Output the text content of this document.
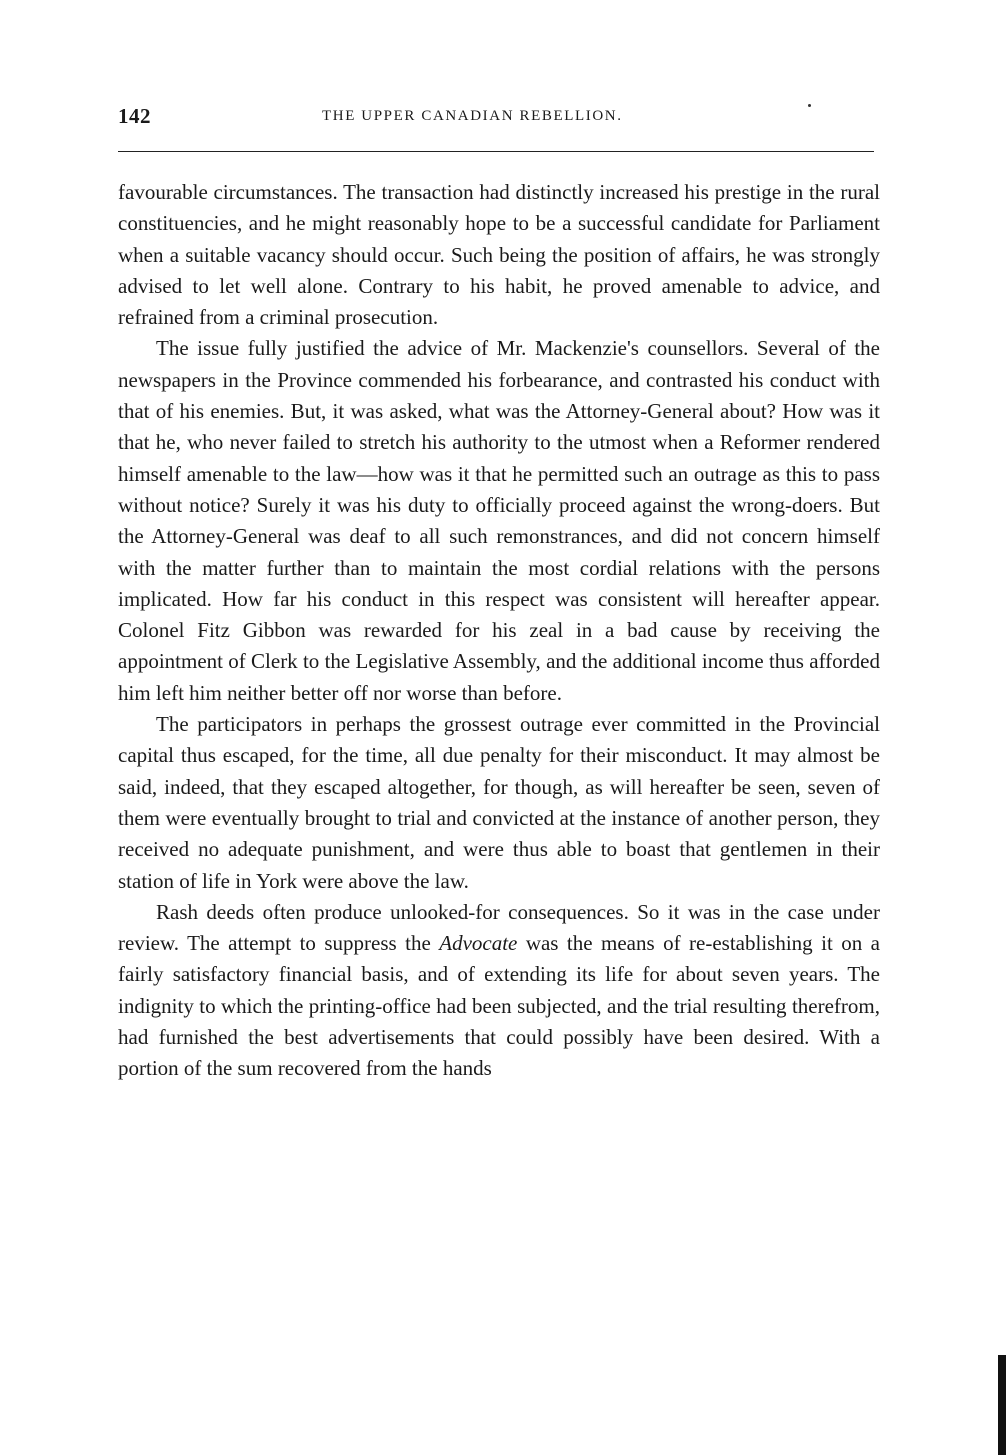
142	THE UPPER CANADIAN REBELLION.

favourable circumstances. The transaction had distinctly increased his prestige in the rural constituencies, and he might reasonably hope to be a successful candidate for Parliament when a suitable vacancy should occur. Such being the position of affairs, he was strongly advised to let well alone. Contrary to his habit, he proved amenable to advice, and refrained from a criminal prosecution.

The issue fully justified the advice of Mr. Mackenzie's counsellors. Several of the newspapers in the Province commended his forbearance, and contrasted his conduct with that of his enemies. But, it was asked, what was the Attorney-General about? How was it that he, who never failed to stretch his authority to the utmost when a Reformer rendered himself amenable to the law—how was it that he permitted such an outrage as this to pass without notice? Surely it was his duty to officially proceed against the wrong-doers. But the Attorney-General was deaf to all such remonstrances, and did not concern himself with the matter further than to maintain the most cordial relations with the persons implicated. How far his conduct in this respect was consistent will hereafter appear. Colonel Fitz Gibbon was rewarded for his zeal in a bad cause by receiving the appointment of Clerk to the Legislative Assembly, and the additional income thus afforded him left him neither better off nor worse than before.

The participators in perhaps the grossest outrage ever committed in the Provincial capital thus escaped, for the time, all due penalty for their misconduct. It may almost be said, indeed, that they escaped altogether, for though, as will hereafter be seen, seven of them were eventually brought to trial and convicted at the instance of another person, they received no adequate punishment, and were thus able to boast that gentlemen in their station of life in York were above the law.

Rash deeds often produce unlooked-for consequences. So it was in the case under review. The attempt to suppress the Advocate was the means of re-establishing it on a fairly satisfactory financial basis, and of extending its life for about seven years. The indignity to which the printing-office had been subjected, and the trial resulting therefrom, had furnished the best advertisements that could possibly have been desired. With a portion of the sum recovered from the hands
